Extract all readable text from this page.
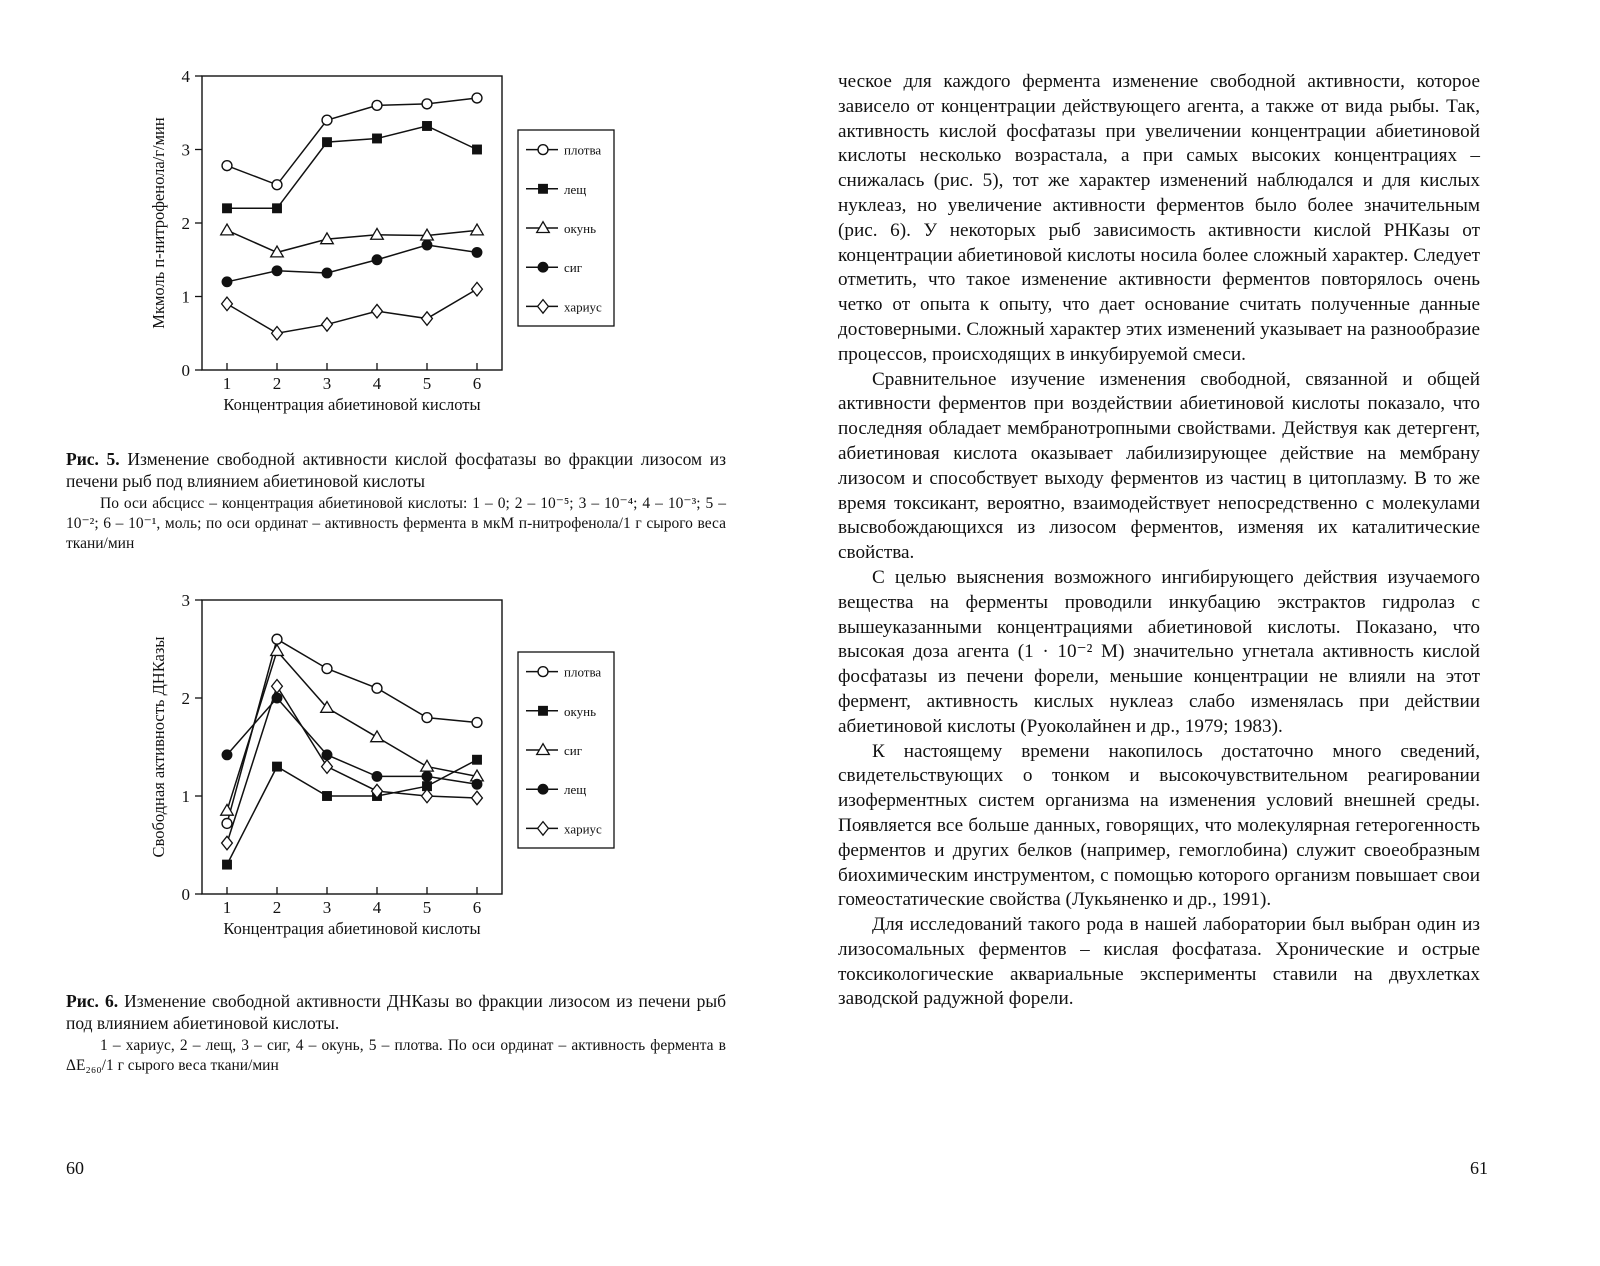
0
1
2
3
4
1 2 3 4 5 6
Концентрация абиетиновой кислоты
Мкмоль п-нитрофенола/г/мин	плотва
лещ
окунь
сиг
хариус

Рис. 5. Изменение свободной активности кислой фосфатазы во фракции лизосом из печени рыб под влиянием абиетиновой кислоты

По оси абсцисс – концентрация абиетиновой кислоты: 1 – 0; 2 – 10⁻⁵; 3 – 10⁻⁴; 4 – 10⁻³; 5 – 10⁻²; 6 – 10⁻¹, моль; по оси ординат – активность фермента в мкМ п-нитрофенола/1 г сырого веса ткани/мин

0
1
2
3
1 2 3 4 5 6
Концентрация абиетиновой кислоты
Свободная активность ДНКазы	плотва
окунь
сиг
лещ
хариус

Рис. 6. Изменение свободной активности ДНКазы во фракции лизосом из печени рыб под влиянием абиетиновой кислоты.

1 – хариус, 2 – лещ, 3 – сиг, 4 – окунь, 5 – плотва. По оси ординат – активность фермента в ΔE₂₆₀/1 г сырого веса ткани/мин

60

ческое для каждого фермента изменение свободной активности, которое зависело от концентрации действующего агента, а также от вида рыбы. Так, активность кислой фосфатазы при увеличении концентрации абиетиновой кислоты несколько возрастала, а при самых высоких концентрациях – снижалась (рис. 5), тот же характер изменений наблюдался и для кислых нуклеаз, но увеличение активности ферментов было более значительным (рис. 6). У некоторых рыб зависимость активности кислой РНКазы от концентрации абиетиновой кислоты носила более сложный характер. Следует отметить, что такое изменение активности ферментов повторялось очень четко от опыта к опыту, что дает основание считать полученные данные достоверными. Сложный характер этих изменений указывает на разнообразие процессов, происходящих в инкубируемой смеси.

Сравнительное изучение изменения свободной, связанной и общей активности ферментов при воздействии абиетиновой кислоты показало, что последняя обладает мембранотропными свойствами. Действуя как детергент, абиетиновая кислота оказывает лабилизирующее действие на мембрану лизосом и способствует выходу ферментов из частиц в цитоплазму. В то же время токсикант, вероятно, взаимодействует непосредственно с молекулами высвобождающихся из лизосом ферментов, изменяя их каталитические свойства.

С целью выяснения возможного ингибирующего действия изучаемого вещества на ферменты проводили инкубацию экстрактов гидролаз с вышеуказанными концентрациями абиетиновой кислоты. Показано, что высокая доза агента (1 · 10⁻² М) значительно угнетала активность кислой фосфатазы из печени форели, меньшие концентрации не влияли на этот фермент, активность кислых нуклеаз слабо изменялась при действии абиетиновой кислоты (Руоколайнен и др., 1979; 1983).

К настоящему времени накопилось достаточно много сведений, свидетельствующих о тонком и высокочувствительном реагировании изоферментных систем организма на изменения условий внешней среды. Появляется все больше данных, говорящих, что молекулярная гетерогенность ферментов и других белков (например, гемоглобина) служит своеобразным биохимическим инструментом, с помощью которого организм повышает свои гомеостатические свойства (Лукьяненко и др., 1991).

Для исследований такого рода в нашей лаборатории был выбран один из лизосомальных ферментов – кислая фосфатаза. Хронические и острые токсикологические аквариальные эксперименты ставили на двухлетках заводской радужной форели.

61
